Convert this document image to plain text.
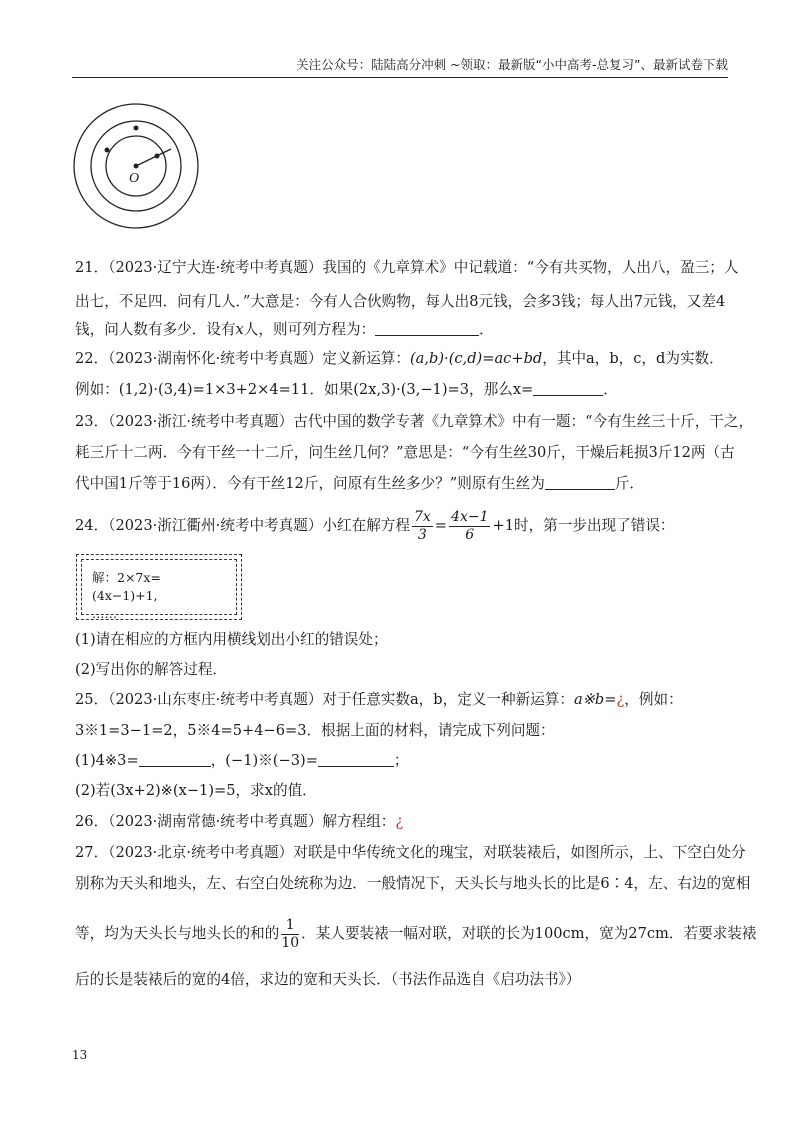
关注公众号：陆陆高分冲刺 ~领取：最新版“小中高考-总复习”、最新试卷下载
O
21．（2023·辽宁大连·统考中考真题）我国的《九章算术》中记载道：“今有共买物，人出八，盈三；人
出七，不足四．问有几人．”大意是：今有人合伙购物，每人出8元钱，会多3钱；每人出7元钱，又差4
钱，问人数有多少．设有x人，则可列方程为：	．
22．（2023·湖南怀化·统考中考真题）定义新运算：(a,b)·(c,d)=ac+bd，其中a，b，c，d为实数．
例如：(1,2)·(3,4)=1×3+2×4=11．如果(2x,3)·(3,−1)=3，那么x=	．
23．（2023·浙江·统考中考真题）古代中国的数学专著《九章算术》中有一题：“今有生丝三十斤，干之，
耗三斤十二两．今有干丝一十二斤，问生丝几何？”意思是：“今有生丝30斤，干燥后耗损3斤12两（古
代中国1斤等于16两）．今有干丝12斤，问原有生丝多少？”则原有生丝为	斤．
24．（2023·浙江衢州·统考中考真题）小红在解方程 $\frac{7x}{3} = \frac{4x-1}{6} +1$时，第一步出现了错误：
解：2×7x=(4x−1)+1,
……
(1)请在相应的方框内用横线划出小红的错误处；
(2)写出你的解答过程．
25．（2023·山东枣庄·统考中考真题）对于任意实数a，b，定义一种新运算：a※b=¿，例如：
3※1=3−1=2，5※4=5+4−6=3．根据上面的材料，请完成下列问题：
(1)4※3=	，(−1)※(−3)=	；
(2)若(3x+2)※(x−1)=5，求x的值．
26．（2023·湖南常德·统考中考真题）解方程组：¿
27．（2023·北京·统考中考真题）对联是中华传统文化的瑰宝，对联装裱后，如图所示，上、下空白处分
别称为天头和地头，左、右空白处统称为边．一般情况下，天头长与地头长的比是6∶4，左、右边的宽相
等，均为天头长与地头长的和的 $\frac{1}{10}$ ．某人要装裱一幅对联，对联的长为100cm，宽为27cm．若要求装裱
后的长是装裱后的宽的4倍，求边的宽和天头长．（书法作品选自《启功法书》）
13
